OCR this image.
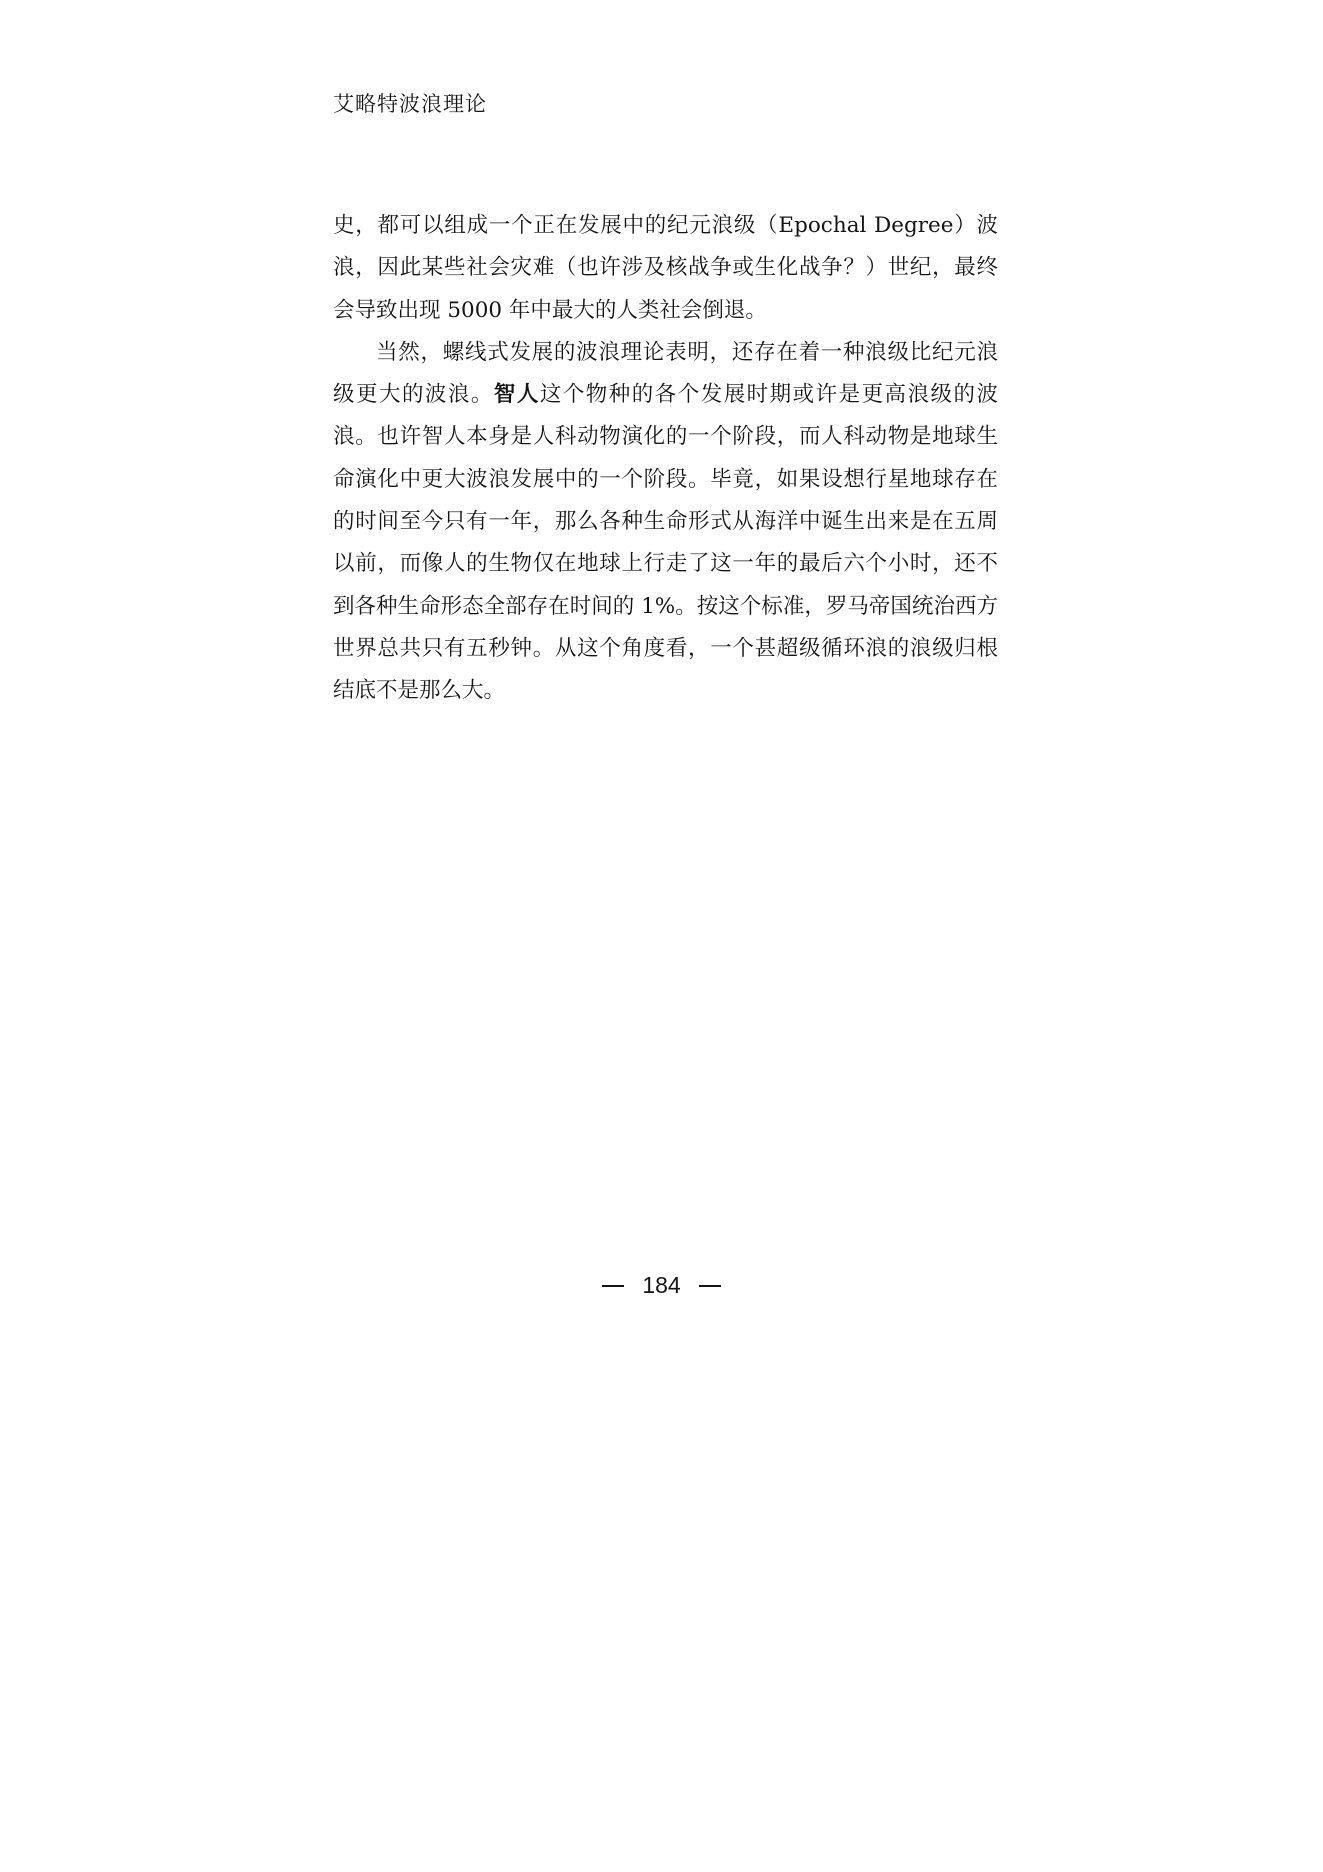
艾略特波浪理论

史，都可以组成一个正在发展中的纪元浪级（Epochal Degree）波浪，因此某些社会灾难（也许涉及核战争或生化战争？）世纪，最终会导致出现 5000 年中最大的人类社会倒退。

当然，螺线式发展的波浪理论表明，还存在着一种浪级比纪元浪级更大的波浪。智人这个物种的各个发展时期或许是更高浪级的波浪。也许智人本身是人科动物演化的一个阶段，而人科动物是地球生命演化中更大波浪发展中的一个阶段。毕竟，如果设想行星地球存在的时间至今只有一年，那么各种生命形式从海洋中诞生出来是在五周以前，而像人的生物仅在地球上行走了这一年的最后六个小时，还不到各种生命形态全部存在时间的 1%。按这个标准，罗马帝国统治西方世界总共只有五秒钟。从这个角度看，一个甚超级循环浪的浪级归根结底不是那么大。

184
